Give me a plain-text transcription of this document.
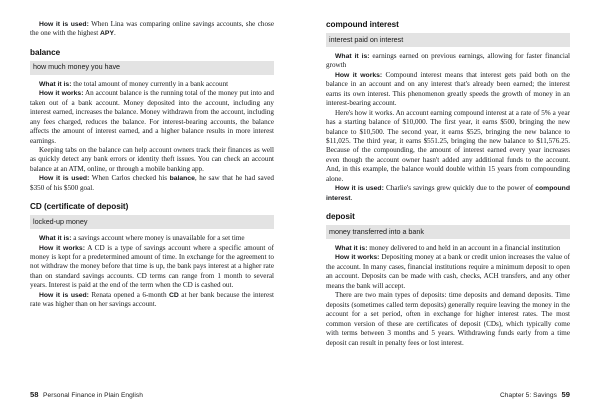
How it is used: When Lina was comparing online savings accounts, she chose the one with the highest APY.

balance
how much money you have

What it is: the total amount of money currently in a bank account

How it works: An account balance is the running total of the money put into and taken out of a bank account. Money deposited into the account, including any interest earned, increases the balance. Money withdrawn from the account, including any fees charged, reduces the balance. For interest-bearing accounts, the balance affects the amount of interest earned, and a higher balance results in more interest earnings.

Keeping tabs on the balance can help account owners track their finances as well as quickly detect any bank errors or identity theft issues. You can check an account balance at an ATM, online, or through a mobile banking app.

How it is used: When Carlos checked his balance, he saw that he had saved $350 of his $500 goal.

CD (certificate of deposit)
locked-up money

What it is: a savings account where money is unavailable for a set time

How it works: A CD is a type of savings account where a specific amount of money is kept for a predetermined amount of time. In exchange for the agreement to not withdraw the money before that time is up, the bank pays interest at a higher rate than on standard savings accounts. CD terms can range from 1 month to several years. Interest is paid at the end of the term when the CD is cashed out.

How it is used: Renata opened a 6-month CD at her bank because the interest rate was higher than on her savings account.

58 Personal Finance in Plain English
compound interest
interest paid on interest

What it is: earnings earned on previous earnings, allowing for faster financial growth

How it works: Compound interest means that interest gets paid both on the balance in an account and on any interest that's already been earned; the interest earns its own interest. This phenomenon greatly speeds the growth of money in an interest-bearing account.

Here's how it works. An account earning compound interest at a rate of 5% a year has a starting balance of $10,000. The first year, it earns $500, bringing the new balance to $10,500. The second year, it earns $525, bringing the new balance to $11,025. The third year, it earns $551.25, bringing the new balance to $11,576.25. Because of the compounding, the amount of interest earned every year increases even though the account owner hasn't added any additional funds to the account. And, in this example, the balance would double within 15 years from compounding alone.

How it is used: Charlie's savings grew quickly due to the power of compound interest.

deposit
money transferred into a bank

What it is: money delivered to and held in an account in a financial institution

How it works: Depositing money at a bank or credit union increases the value of the account. In many cases, financial institutions require a minimum deposit to open an account. Deposits can be made with cash, checks, ACH transfers, and any other means the bank will accept.

There are two main types of deposits: time deposits and demand deposits. Time deposits (sometimes called term deposits) generally require leaving the money in the account for a set period, often in exchange for higher interest rates. The most common version of these are certificates of deposit (CDs), which typically come with terms between 3 months and 5 years. Withdrawing funds early from a time deposit can result in penalty fees or lost interest.

Chapter 5: Savings 59
